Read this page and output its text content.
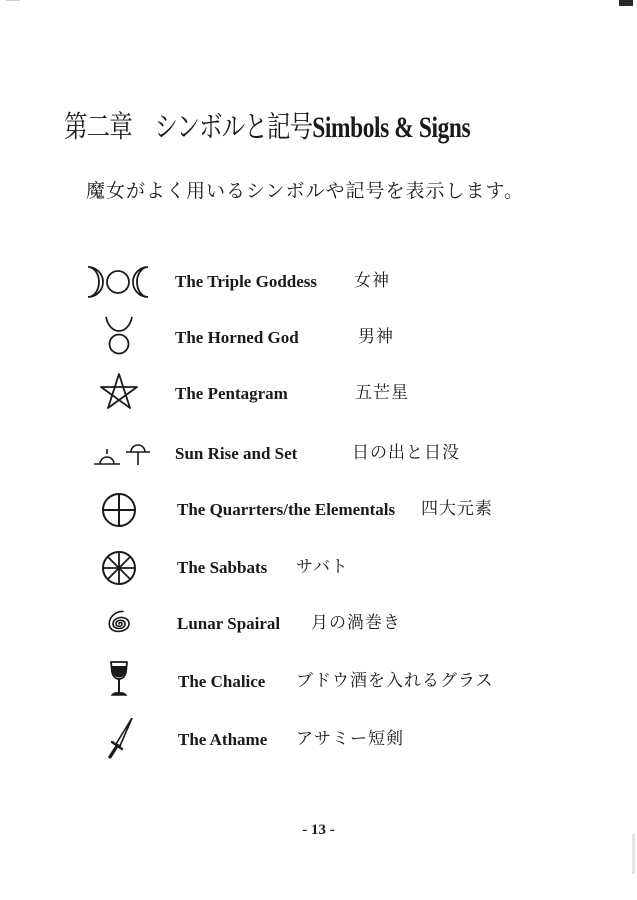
第二章　シンボルと記号Simbols & Signs
魔女がよく用いるシンボルや記号を表示します。
The Triple Goddess 女神
The Horned God	男神
The Pentagram	五芒星
Sun Rise and Set	日の出と日没
The Quarrters/the Elementals 四大元素
The Sabbats サバト
Lunar Spairal 月の渦巻き
The Chalice ブドウ酒を入れるグラス
The Athame アサミー短剣
- 13 -
